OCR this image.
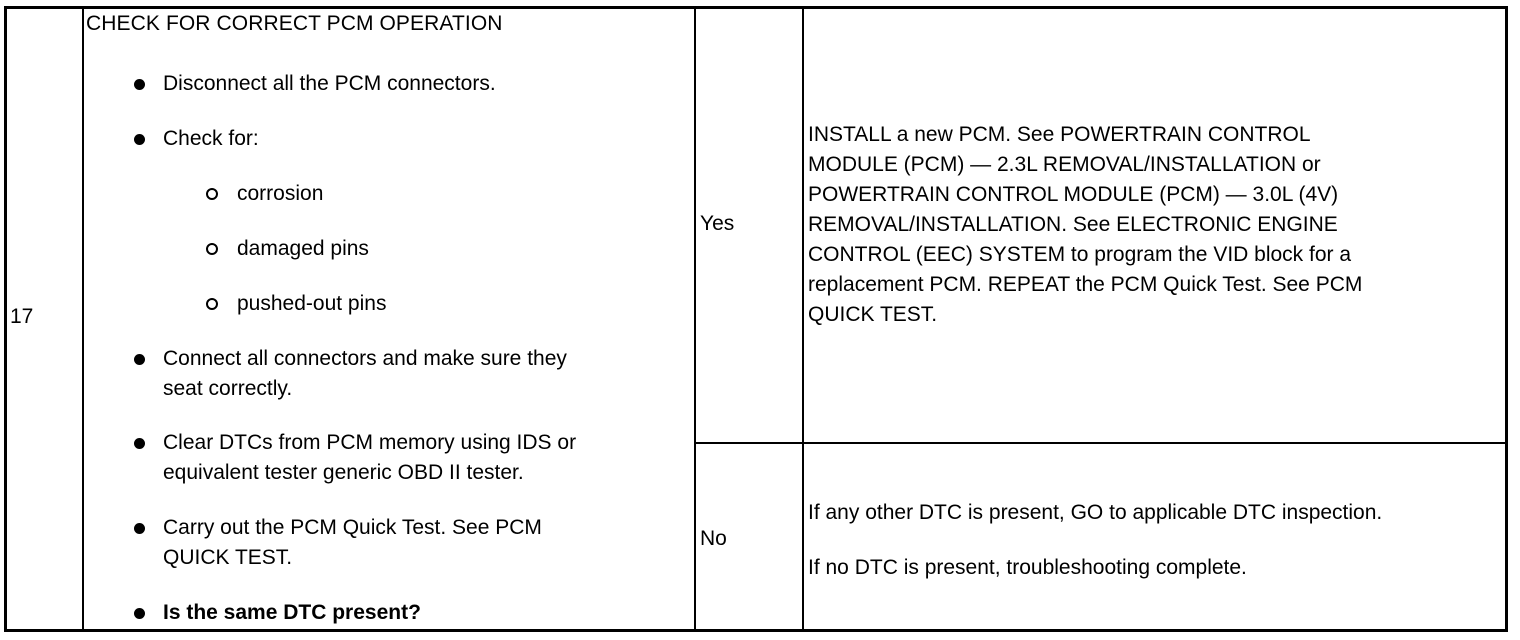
17
CHECK FOR CORRECT PCM OPERATION
Disconnect all the PCM connectors.
Check for:
corrosion
damaged pins
pushed-out pins
Connect all connectors and make sure they
seat correctly.
Clear DTCs from PCM memory using IDS or
equivalent tester generic OBD II tester.
Carry out the PCM Quick Test. See PCM
QUICK TEST.
Is the same DTC present?
Yes
No
INSTALL a new PCM. See POWERTRAIN CONTROL
MODULE (PCM) — 2.3L REMOVAL/INSTALLATION or
POWERTRAIN CONTROL MODULE (PCM) — 3.0L (4V)
REMOVAL/INSTALLATION. See ELECTRONIC ENGINE
CONTROL (EEC) SYSTEM to program the VID block for a
replacement PCM. REPEAT the PCM Quick Test. See PCM
QUICK TEST.
If any other DTC is present, GO to applicable DTC inspection.
If no DTC is present, troubleshooting complete.
